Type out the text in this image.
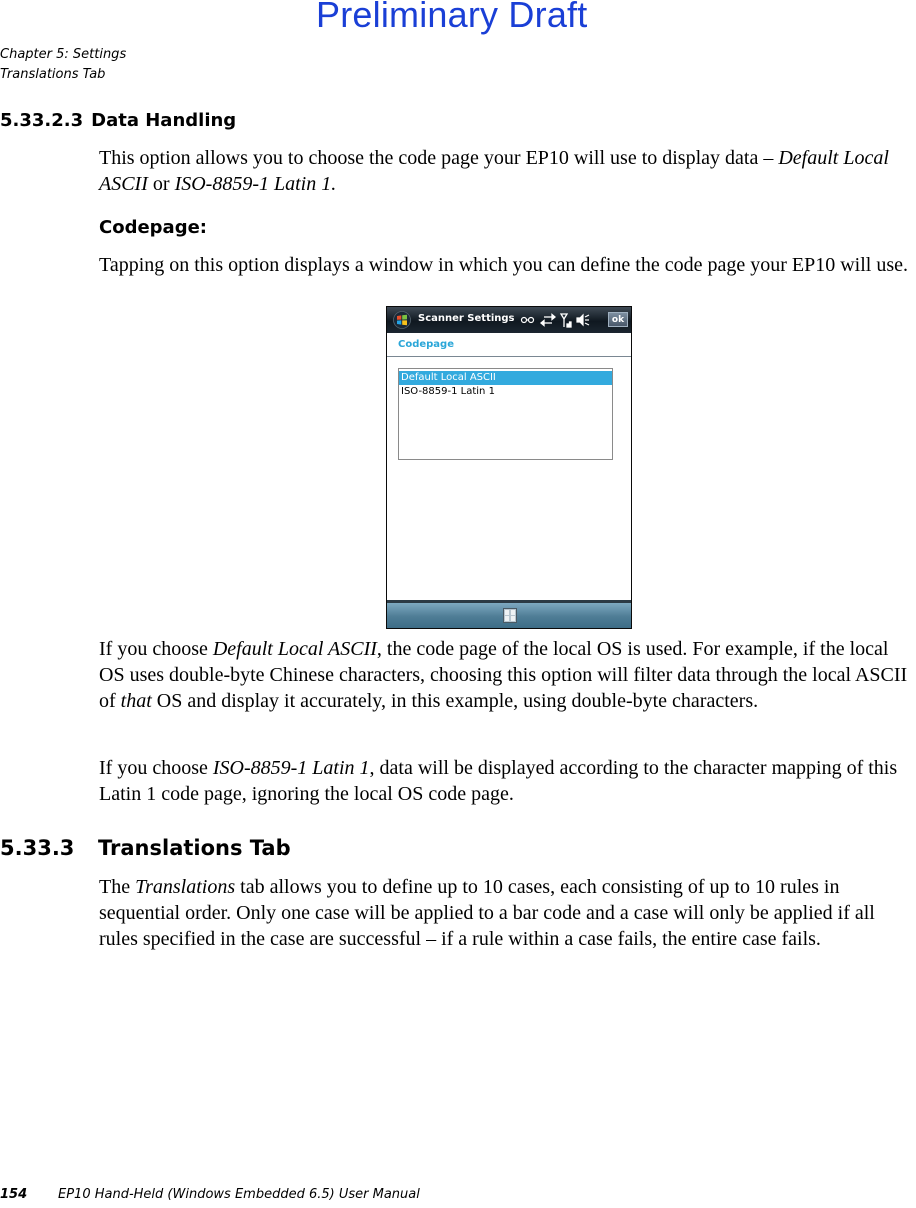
Preliminary Draft
Chapter 5: Settings
Translations Tab
5.33.2.3 Data Handling

This option allows you to choose the code page your EP10 will use to display data – Default Local ASCII or ISO-8859-1 Latin 1.

Codepage:

Tapping on this option displays a window in which you can define the code page your EP10 will use.

Scanner Settings	ok
Codepage
Default Local ASCII
ISO-8859-1 Latin 1

If you choose Default Local ASCII, the code page of the local OS is used. For example, if the local OS uses double-byte Chinese characters, choosing this option will filter data through the local ASCII of that OS and display it accurately, in this example, using double-byte characters.

If you choose ISO-8859-1 Latin 1, data will be displayed according to the character mapping of this Latin 1 code page, ignoring the local OS code page.

5.33.3 Translations Tab

The Translations tab allows you to define up to 10 cases, each consisting of up to 10 rules in sequential order. Only one case will be applied to a bar code and a case will only be applied if all rules specified in the case are successful – if a rule within a case fails, the entire case fails.

154 EP10 Hand-Held (Windows Embedded 6.5) User Manual
